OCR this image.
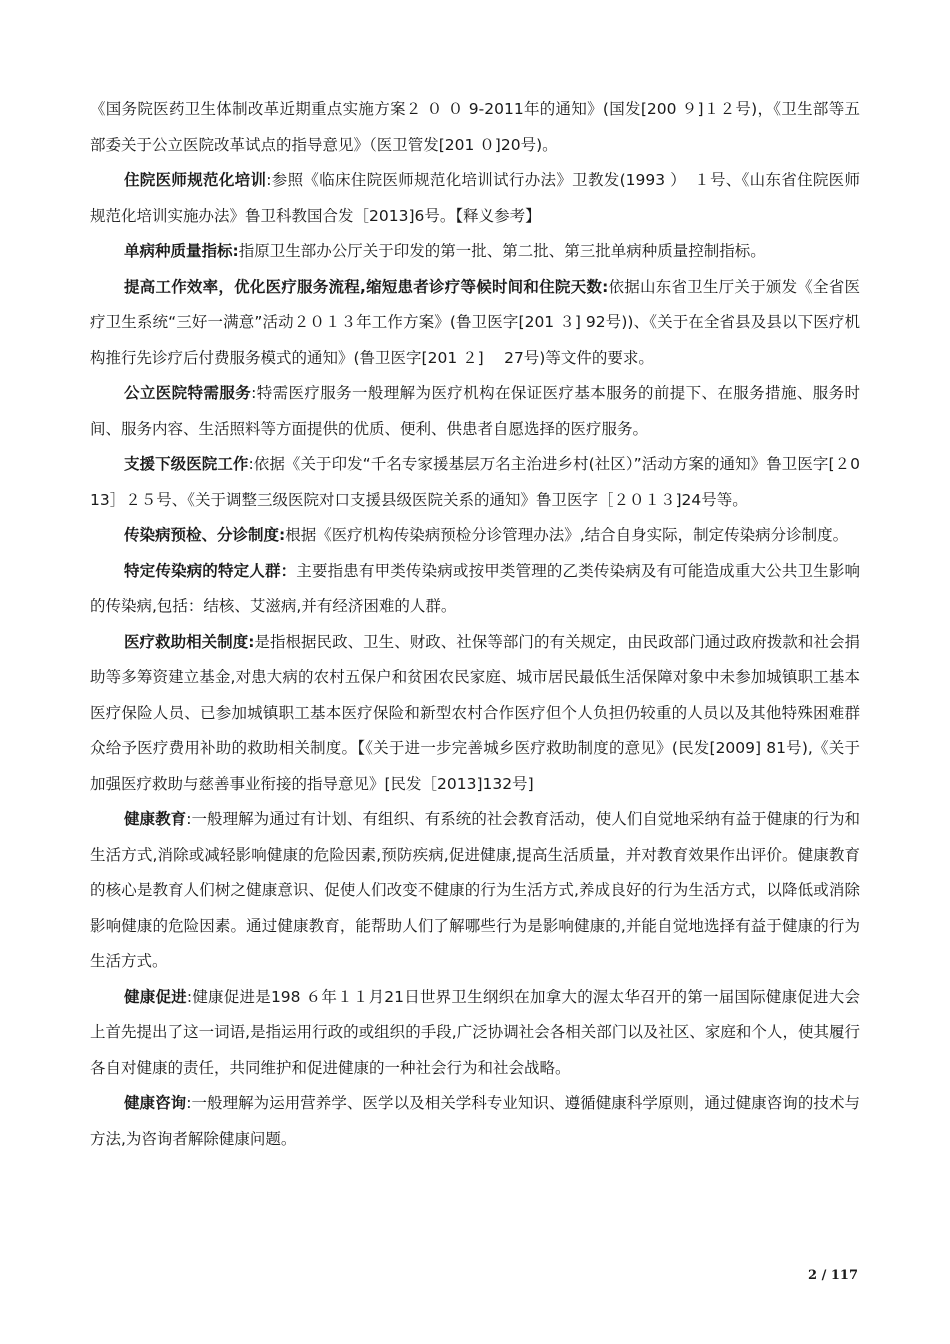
《国务院医药卫生体制改革近期重点实施方案２ ０ ０ 9-2011年的通知》(国发[200 ９]１２号)，《卫生部等五部委关于公立医院改革试点的指导意见》（医卫管发[201 ０]20号)。

住院医师规范化培训:参照《临床住院医师规范化培训试行办法》卫教发(1993 ）　１号、《山东省住院医师规范化培训实施办法》鲁卫科教国合发［2013]6号。【释义参考】

单病种质量指标:指原卫生部办公厅关于印发的第一批、第二批、第三批单病种质量控制指标。

提高工作效率，优化医疗服务流程,缩短患者诊疗等候时间和住院天数:依据山东省卫生厅关于颁发《全省医疗卫生系统“三好一满意”活动２０１３年工作方案》(鲁卫医字[201 ３] 92号))、《关于在全省县及县以下医疗机构推行先诊疗后付费服务模式的通知》(鲁卫医字[201 ２]　 27号)等文件的要求。

公立医院特需服务:特需医疗服务一般理解为医疗机构在保证医疗基本服务的前提下、在服务措施、服务时间、服务内容、生活照料等方面提供的优质、便利、供患者自愿选择的医疗服务。

支援下级医院工作:依据《关于印发“千名专家援基层万名主治进乡村(社区）”活动方案的通知》鲁卫医字[２013］２５号、《关于调整三级医院对口支援县级医院关系的通知》鲁卫医字［２０１３]24号等。

传染病预检、分诊制度:根据《医疗机构传染病预检分诊管理办法》,结合自身实际，制定传染病分诊制度。

特定传染病的特定人群：主要指患有甲类传染病或按甲类管理的乙类传染病及有可能造成重大公共卫生影响的传染病,包括：结核、艾滋病,并有经济困难的人群。

医疗救助相关制度:是指根据民政、卫生、财政、社保等部门的有关规定，由民政部门通过政府拨款和社会捐助等多筹资建立基金,对患大病的农村五保户和贫困农民家庭、城市居民最低生活保障对象中未参加城镇职工基本医疗保险人员、已参加城镇职工基本医疗保险和新型农村合作医疗但个人负担仍较重的人员以及其他特殊困难群众给予医疗费用补助的救助相关制度。【《关于进一步完善城乡医疗救助制度的意见》(民发[2009] 81号),《关于加强医疗救助与慈善事业衔接的指导意见》[民发［2013]132号]

健康教育:一般理解为通过有计划、有组织、有系统的社会教育活动，使人们自觉地采纳有益于健康的行为和生活方式,消除或减轻影响健康的危险因素,预防疾病,促进健康,提高生活质量，并对教育效果作出评价。健康教育的核心是教育人们树之健康意识、促使人们改变不健康的行为生活方式,养成良好的行为生活方式，以降低或消除影响健康的危险因素。通过健康教育，能帮助人们了解哪些行为是影响健康的,并能自觉地选择有益于健康的行为生活方式。

健康促进:健康促进是198 ６年１１月21日世界卫生纲织在加拿大的渥太华召开的第一届国际健康促进大会上首先提出了这一词语,是指运用行政的或组织的手段,广泛协调社会各相关部门以及社区、家庭和个人，使其履行各自对健康的责任，共同维护和促进健康的一种社会行为和社会战略。

健康咨询:一般理解为运用营养学、医学以及相关学科专业知识、遵循健康科学原则，通过健康咨询的技术与方法,为咨询者解除健康问题。

2 / 117
